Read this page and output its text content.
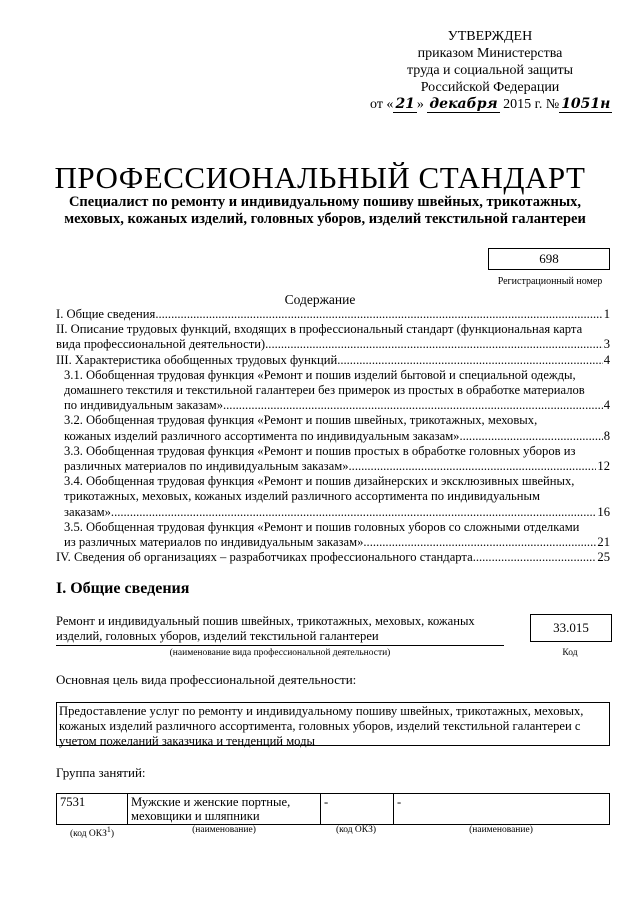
УТВЕРЖДЕН
приказом Министерства
труда и социальной защиты
Российской Федерации
от « 21 » декабря 2015 г. № 1051н
ПРОФЕССИОНАЛЬНЫЙ СТАНДАРТ
Специалист по ремонту и индивидуальному пошиву швейных, трикотажных, меховых, кожаных изделий, головных уборов, изделий текстильной галантереи
698
Регистрационный номер
Содержание
I. Общие сведения .....	1
II. Описание трудовых функций, входящих в профессиональный стандарт (функциональная карта
вида профессиональной деятельности) .....	3
III. Характеристика обобщенных трудовых функций .....	4
3.1. Обобщенная трудовая функция «Ремонт и пошив изделий бытовой и специальной одежды,
домашнего текстиля и текстильной галантереи без примерок из простых в обработке материалов
по индивидуальным заказам» .....	4
3.2. Обобщенная трудовая функция «Ремонт и пошив швейных, трикотажных, меховых,
кожаных изделий различного ассортимента по индивидуальным заказам» .....	8
3.3. Обобщенная трудовая функция «Ремонт и пошив простых в обработке головных уборов из
различных материалов по индивидуальным заказам» .....	12
3.4. Обобщенная трудовая функция «Ремонт и пошив дизайнерских и эксклюзивных швейных,
трикотажных, меховых, кожаных изделий различного ассортимента по индивидуальным
заказам» .....	16
3.5. Обобщенная трудовая функция «Ремонт и пошив головных уборов со сложными отделками
из различных материалов по индивидуальным заказам» .....	21
IV. Сведения об организациях – разработчиках профессионального стандарта .....	25
I. Общие сведения
Ремонт и индивидуальный пошив швейных, трикотажных, меховых, кожаных изделий, головных уборов, изделий текстильной галантереи
(наименование вида профессиональной деятельности)
33.015
Код
Основная цель вида профессиональной деятельности:
Предоставление услуг по ремонту и индивидуальному пошиву швейных, трикотажных, меховых, кожаных изделий различного ассортимента, головных уборов, изделий текстильной галантереи с учетом пожеланий заказчика и тенденций моды
Группа занятий:
7531	Мужские и женские портные, меховщики и шляпники	-	-
(код ОКЗ$^1$)	(наименование)	(код ОКЗ)	(наименование)
